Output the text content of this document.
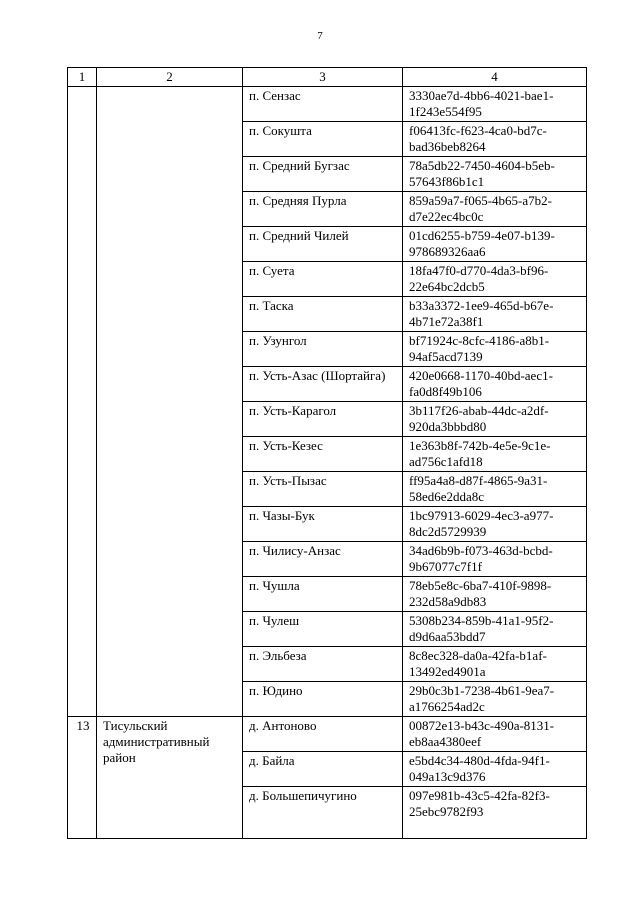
7
1	2	3	4
		п. Сензас	3330ae7d-4bb6-4021-bae1-
1f243e554f95

		п. Сокушта	f06413fc-f623-4ca0-bd7c-
bad36beb8264

		п. Средний Бугзас	78a5db22-7450-4604-b5eb-
57643f86b1c1

		п. Средняя Пурла	859a59a7-f065-4b65-a7b2-
d7e22ec4bc0c

		п. Средний Чилей	01cd6255-b759-4e07-b139-
978689326aa6

		п. Суета	18fa47f0-d770-4da3-bf96-
22e64bc2dcb5

		п. Таска	b33a3372-1ee9-465d-b67e-
4b71e72a38f1

		п. Узунгол	bf71924c-8cfc-4186-a8b1-
94af5acd7139

		п. Усть-Азас (Шортайга)	420e0668-1170-40bd-aec1-
fa0d8f49b106

		п. Усть-Карагол	3b117f26-abab-44dc-a2df-
920da3bbbd80

		п. Усть-Кезес	1e363b8f-742b-4e5e-9c1e-
ad756c1afd18

		п. Усть-Пызас	ff95a4a8-d87f-4865-9a31-
58ed6e2dda8c

		п. Чазы-Бук	1bc97913-6029-4ec3-a977-
8dc2d5729939

		п. Чилису-Анзас	34ad6b9b-f073-463d-bcbd-
9b67077c7f1f

		п. Чушла	78eb5e8c-6ba7-410f-9898-
232d58a9db83

		п. Чулеш	5308b234-859b-41a1-95f2-
d9d6aa53bdd7

		п. Эльбеза	8c8ec328-da0a-42fa-b1af-
13492ed4901a

		п. Юдино	29b0c3b1-7238-4b61-9ea7-
a1766254ad2c

13	Тисульский административный район	д. Антоново	00872e13-b43c-490a-8131-
eb8aa4380eef

		д. Байла	e5bd4c34-480d-4fda-94f1-
049a13c9d376

		д. Большепичугино	097e981b-43c5-42fa-82f3-
25ebc9782f93
